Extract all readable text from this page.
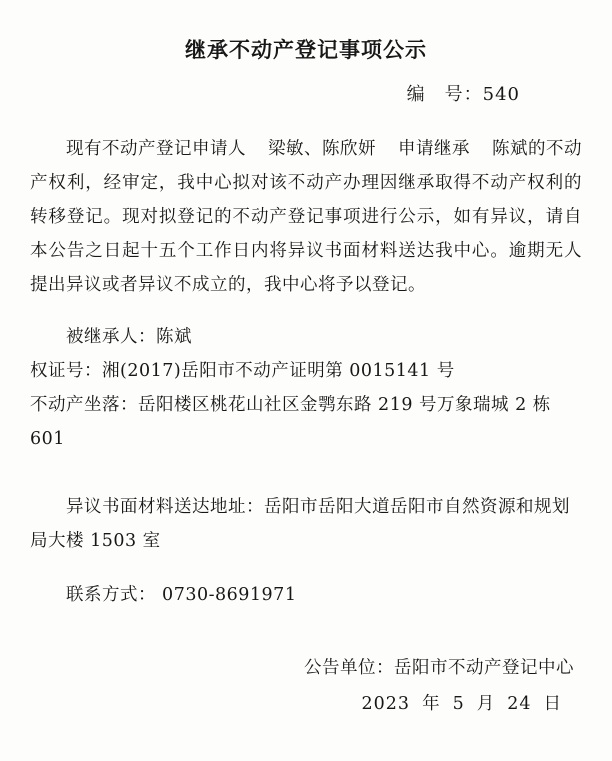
继承不动产登记事项公示
编　号：540

现有不动产登记申请人 梁敏、陈欣妍 申请继承 陈斌的不动产权利，经审定，我中心拟对该不动产办理因继承取得不动产权利的转移登记。现对拟登记的不动产登记事项进行公示，如有异议，请自本公告之日起十五个工作日内将异议书面材料送达我中心。逾期无人提出异议或者异议不成立的，我中心将予以登记。

被继承人：陈斌
权证号：湘(2017)岳阳市不动产证明第 0015141 号
不动产坐落：岳阳楼区桃花山社区金鹗东路 219 号万象瑞城 2 栋 601
异议书面材料送达地址：岳阳市岳阳大道岳阳市自然资源和规划局大楼 1503 室
联系方式： 0730-8691971
公告单位：岳阳市不动产登记中心
2023 年 5 月 24 日
